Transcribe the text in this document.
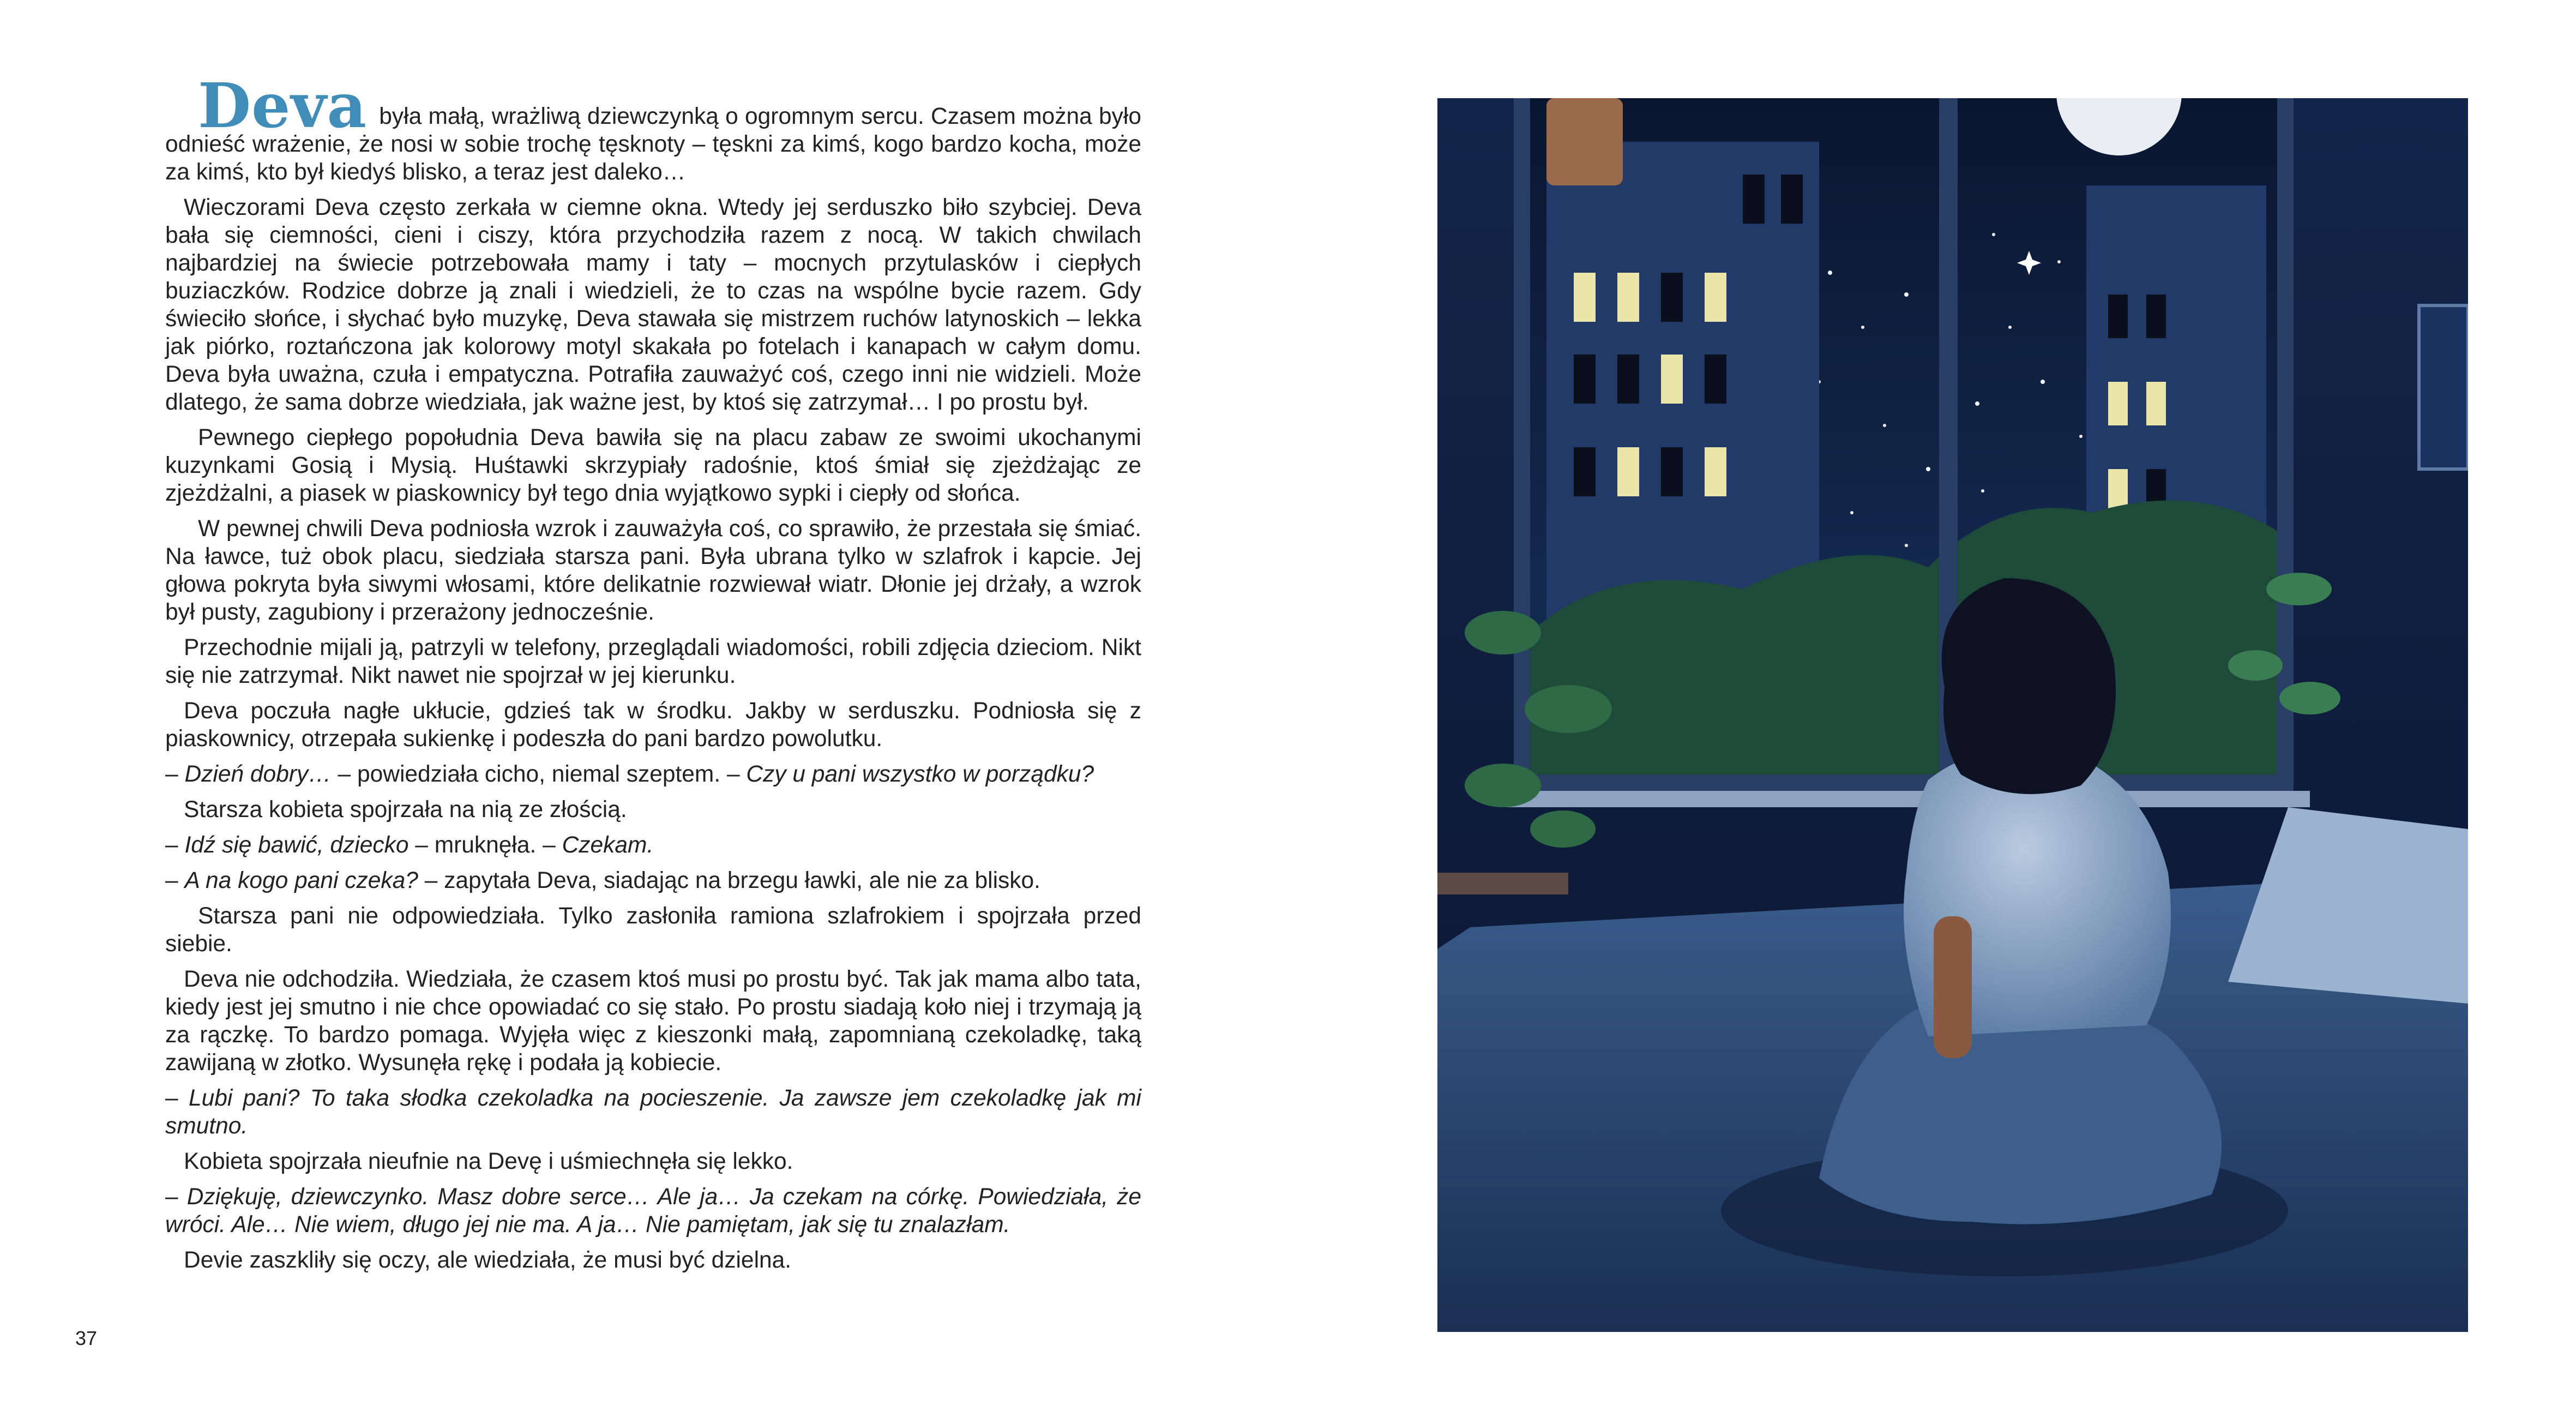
Deva była małą, wrażliwą dziewczynką o ogromnym sercu. Czasem można było odnieść wrażenie, że nosi w sobie trochę tęsknoty – tęskni za kimś, kogo bardzo kocha, może za kimś, kto był kiedyś blisko, a teraz jest daleko…

Wieczorami Deva często zerkała w ciemne okna. Wtedy jej serduszko biło szybciej. Deva bała się ciemności, cieni i ciszy, która przychodziła razem z nocą. W takich chwilach najbardziej na świecie potrzebowała mamy i taty – mocnych przytulasków i ciepłych buziaczków. Rodzice dobrze ją znali i wiedzieli, że to czas na wspólne bycie razem. Gdy świeciło słońce, i słychać było muzykę, Deva stawała się mistrzem ruchów latynoskich – lekka jak piórko, roztańczona jak kolorowy motyl skakała po fotelach i kanapach w całym domu. Deva była uważna, czuła i empatyczna. Potrafiła zauważyć coś, czego inni nie widzieli. Może dlatego, że sama dobrze wiedziała, jak ważne jest, by ktoś się zatrzymał… I po prostu był.

Pewnego ciepłego popołudnia Deva bawiła się na placu zabaw ze swoimi ukochanymi kuzynkami Gosią i Mysią. Huśtawki skrzypiały radośnie, ktoś śmiał się zjeżdżając ze zjeżdżalni, a piasek w piaskownicy był tego dnia wyjątkowo sypki i ciepły od słońca.

W pewnej chwili Deva podniosła wzrok i zauważyła coś, co sprawiło, że przestała się śmiać. Na ławce, tuż obok placu, siedziała starsza pani. Była ubrana tylko w szlafrok i kapcie. Jej głowa pokryta była siwymi włosami, które delikatnie rozwiewał wiatr. Dłonie jej drżały, a wzrok był pusty, zagubiony i przerażony jednocześnie.

Przechodnie mijali ją, patrzyli w telefony, przeglądali wiadomości, robili zdjęcia dzieciom. Nikt się nie zatrzymał. Nikt nawet nie spojrzał w jej kierunku.

Deva poczuła nagłe ukłucie, gdzieś tak w środku. Jakby w serduszku. Podniosła się z piaskownicy, otrzepała sukienkę i podeszła do pani bardzo powolutku.

– Dzień dobry… – powiedziała cicho, niemal szeptem. – Czy u pani wszystko w porządku?

Starsza kobieta spojrzała na nią ze złością.

– Idź się bawić, dziecko – mruknęła. – Czekam.

– A na kogo pani czeka? – zapytała Deva, siadając na brzegu ławki, ale nie za blisko.

Starsza pani nie odpowiedziała. Tylko zasłoniła ramiona szlafrokiem i spojrzała przed siebie.

Deva nie odchodziła. Wiedziała, że czasem ktoś musi po prostu być. Tak jak mama albo tata, kiedy jest jej smutno i nie chce opowiadać co się stało. Po prostu siadają koło niej i trzymają ją za rączkę. To bardzo pomaga. Wyjęła więc z kieszonki małą, zapomnianą czekoladkę, taką zawijaną w złotko. Wysunęła rękę i podała ją kobiecie.

– Lubi pani? To taka słodka czekoladka na pocieszenie. Ja zawsze jem czekoladkę jak mi smutno.

Kobieta spojrzała nieufnie na Devę i uśmiechnęła się lekko.

– Dziękuję, dziewczynko. Masz dobre serce… Ale ja… Ja czekam na córkę. Powiedziała, że wróci. Ale… Nie wiem, długo jej nie ma. A ja… Nie pamiętam, jak się tu znalazłam.

Devie zaszkliły się oczy, ale wiedziała, że musi być dzielna.

37
